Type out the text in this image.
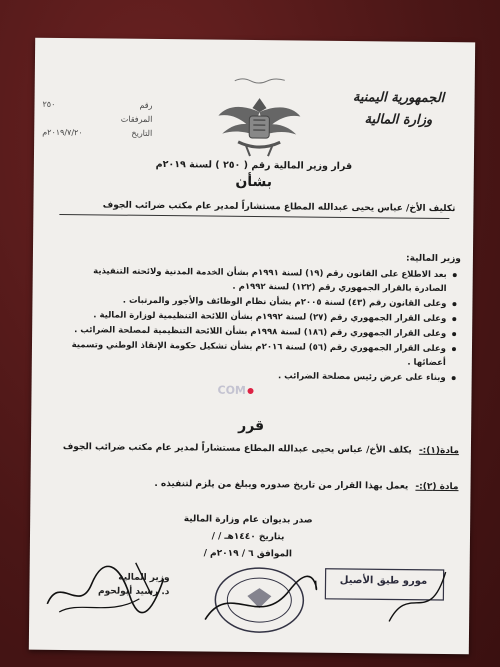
الجمهورية اليمنية
وزارة المالية
رقم
٢٥٠
المرفقات
التاريخ
٢٠١٩/٧/٢٠م
قرار وزير المالية رقم ( ٢٥٠ ) لسنة ٢٠١٩م
بشأن
تكليف الأخ/ عباس يحيى عبدالله المطاع مستشاراً لمدير عام مكتب ضرائب الجوف
وزير المالية:
بعد الاطلاع على القانون رقم (١٩) لسنة ١٩٩١م بشأن الخدمة المدنية ولائحته التنفيذية الصادرة بالقرار الجمهوري رقم (١٢٢) لسنة ١٩٩٢م .
وعلى القانون رقم (٤٣) لسنة ٢٠٠٥م بشأن نظام الوظائف والأجور والمرتبات .
وعلى القرار الجمهوري رقم (٢٧) لسنة ١٩٩٢م بشأن اللائحة التنظيمية لوزارة المالية .
وعلى القرار الجمهوري رقم (١٨٦) لسنة ١٩٩٨م بشأن اللائحة التنظيمية لمصلحة الضرائب .
وعلى القرار الجمهوري رقم (٥٦) لسنة ٢٠١٦م بشأن تشكيل حكومة الإنقاذ الوطني وتسمية أعضائها .
وبناء على عرض رئيس مصلحة الضرائب .
COM
قرر
مادة(١):- يكلف الأخ/ عباس يحيى عبدالله المطاع مستشاراً لمدير عام مكتب ضرائب الجوف
مادة (٢):- يعمل بهذا القرار من تاريخ صدوره ويبلغ من يلزم لتنفيذه .
صدر بديوان عام وزارة المالية
بتاريخ / / ١٤٤٠هـ
الموافق / ٦ / ٢٠١٩م
وزير المالية
د. رشيد أبولحوم
مورو طيق الأصيل
